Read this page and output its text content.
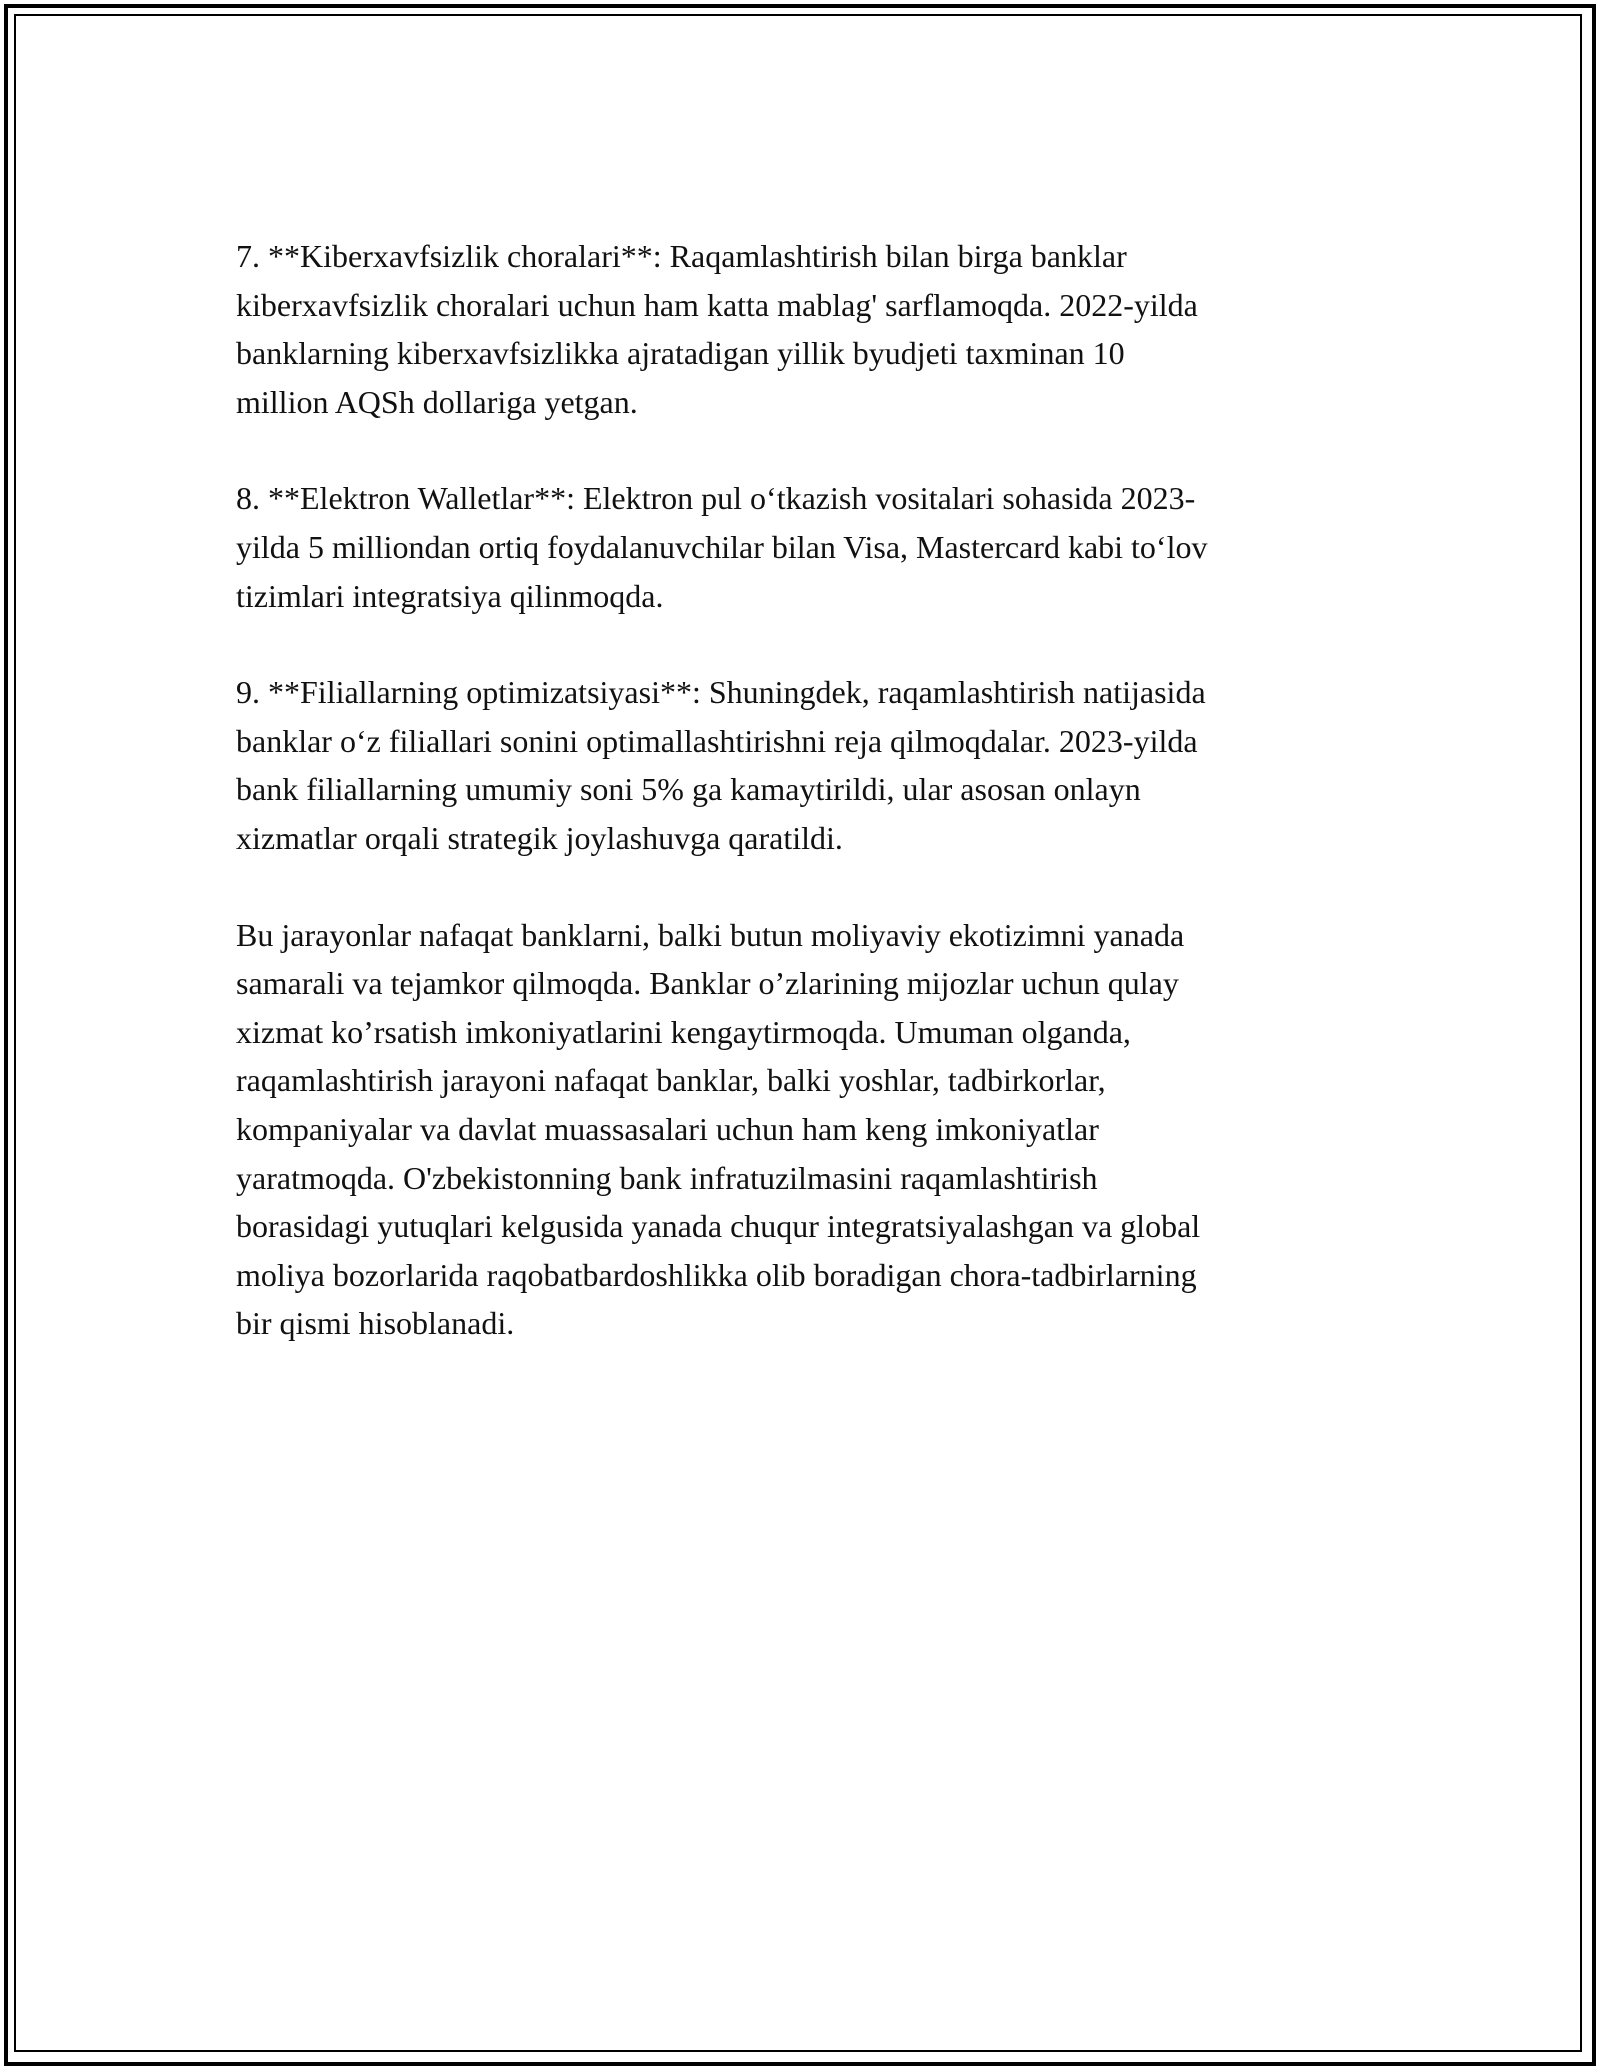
7. **Kiberxavfsizlik choralari**: Raqamlashtirish bilan birga banklar
kiberxavfsizlik choralari uchun ham katta mablag' sarflamoqda. 2022-yilda
banklarning kiberxavfsizlikka ajratadigan yillik byudjeti taxminan 10
million AQSh dollariga yetgan.

8. **Elektron Walletlar**: Elektron pul o‘tkazish vositalari sohasida 2023-
yilda 5 milliondan ortiq foydalanuvchilar bilan Visa, Mastercard kabi to‘lov
tizimlari integratsiya qilinmoqda.

9. **Filiallarning optimizatsiyasi**: Shuningdek, raqamlashtirish natijasida
banklar o‘z filiallari sonini optimallashtirishni reja qilmoqdalar. 2023-yilda
bank filiallarning umumiy soni 5% ga kamaytirildi, ular asosan onlayn
xizmatlar orqali strategik joylashuvga qaratildi.

Bu jarayonlar nafaqat banklarni, balki butun moliyaviy ekotizimni yanada
samarali va tejamkor qilmoqda. Banklar o’zlarining mijozlar uchun qulay
xizmat ko’rsatish imkoniyatlarini kengaytirmoqda. Umuman olganda,
raqamlashtirish jarayoni nafaqat banklar, balki yoshlar, tadbirkorlar,
kompaniyalar va davlat muassasalari uchun ham keng imkoniyatlar
yaratmoqda. O'zbekistonning bank infratuzilmasini raqamlashtirish
borasidagi yutuqlari kelgusida yanada chuqur integratsiyalashgan va global
moliya bozorlarida raqobatbardoshlikka olib boradigan chora-tadbirlarning
bir qismi hisoblanadi.
